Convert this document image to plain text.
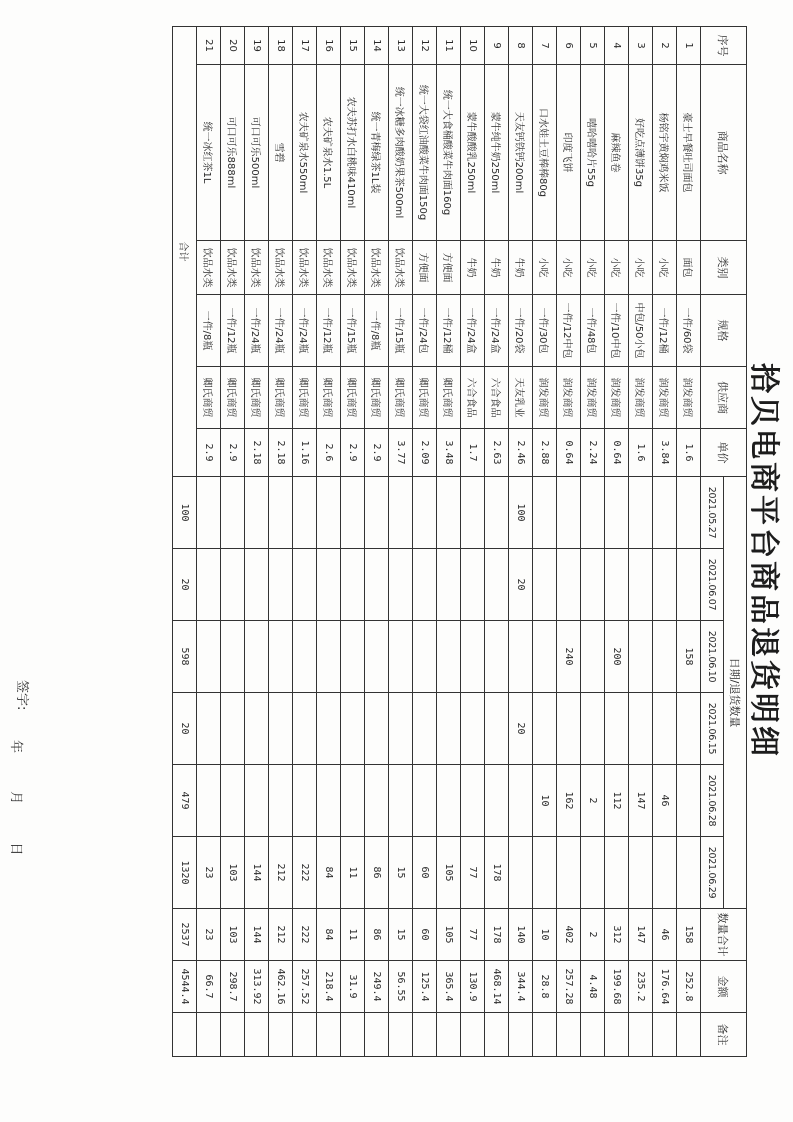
拾贝电商平台商品退货明细
序号	商品名称	类别	规格	供应商	单价	日期/退货数量						数量合计	金额	备注
						2021.05.27	2021.06.07	2021.06.10	2021.06.15	2021.06.28	2021.06.29			
1	豪士早餐吐司面包	面包	一件/60袋	润发商贸	1.6			158				158	252.8	
2	杨铭宇黄焖鸡米饭	小吃	一件/12桶	润发商贸	3.84					46		46	176.64	
3	好吃点薄饼35g	小吃	中包/50小包	润发商贸	1.6					147		147	235.2	
4	麻辣鱼卷	小吃	一件/10中包	润发商贸	0.64			200		112		312	199.68	
5	嘻哈嘻哈片55g	小吃	一件/48包	润发商贸	2.24					2		2	4.48	
6	印度飞饼	小吃	一件/12中包	润发商贸	0.64			240		162		402	257.28	
7	口水娃土豆棒棒80g	小吃	一件/30包	润发商贸	2.88					10		10	28.8	
8	天友钙铁钙200ml	牛奶	一件/20袋	天友乳业	2.46	100	20		20			140	344.4	
9	蒙牛纯牛奶250ml	牛奶	一件/24盒	六合食品	2.63						178	178	468.14	
10	蒙牛酸酸乳250ml	牛奶	一件/24盒	六合食品	1.7						77	77	130.9	
11	统一大食桶酸菜牛肉面160g	方便面	一件/12桶	卿氏商贸	3.48						105	105	365.4	
12	统一大袋红油酸菜牛肉面150g	方便面	一件/24包	卿氏商贸	2.09						60	60	125.4	
13	统一冰糖多肉酸奶果茶500ml	饮品水类	一件/15瓶	卿氏商贸	3.77						15	15	56.55	
14	统一青梅绿茶1L装	饮品水类	一件/8瓶	卿氏商贸	2.9						86	86	249.4	
15	农夫苏打水白桃味410ml	饮品水类	一件/15瓶	卿氏商贸	2.9						11	11	31.9	
16	农夫矿泉水1.5L	饮品水类	一件/12瓶	卿氏商贸	2.6						84	84	218.4	
17	农夫矿泉水550ml	饮品水类	一件/24瓶	卿氏商贸	1.16						222	222	257.52	
18	雪碧	饮品水类	一件/24瓶	卿氏商贸	2.18						212	212	462.16	
19	可口可乐500ml	饮品水类	一件/24瓶	卿氏商贸	2.18						144	144	313.92	
20	可口可乐888ml	饮品水类	一件/12瓶	卿氏商贸	2.9						103	103	298.7	
21	统一冰红茶1L	饮品水类	一件/8瓶	卿氏商贸	2.9						23	23	66.7	
合计						100	20	598	20	479	1320	2537	4544.4	
签字:
年 月 日
